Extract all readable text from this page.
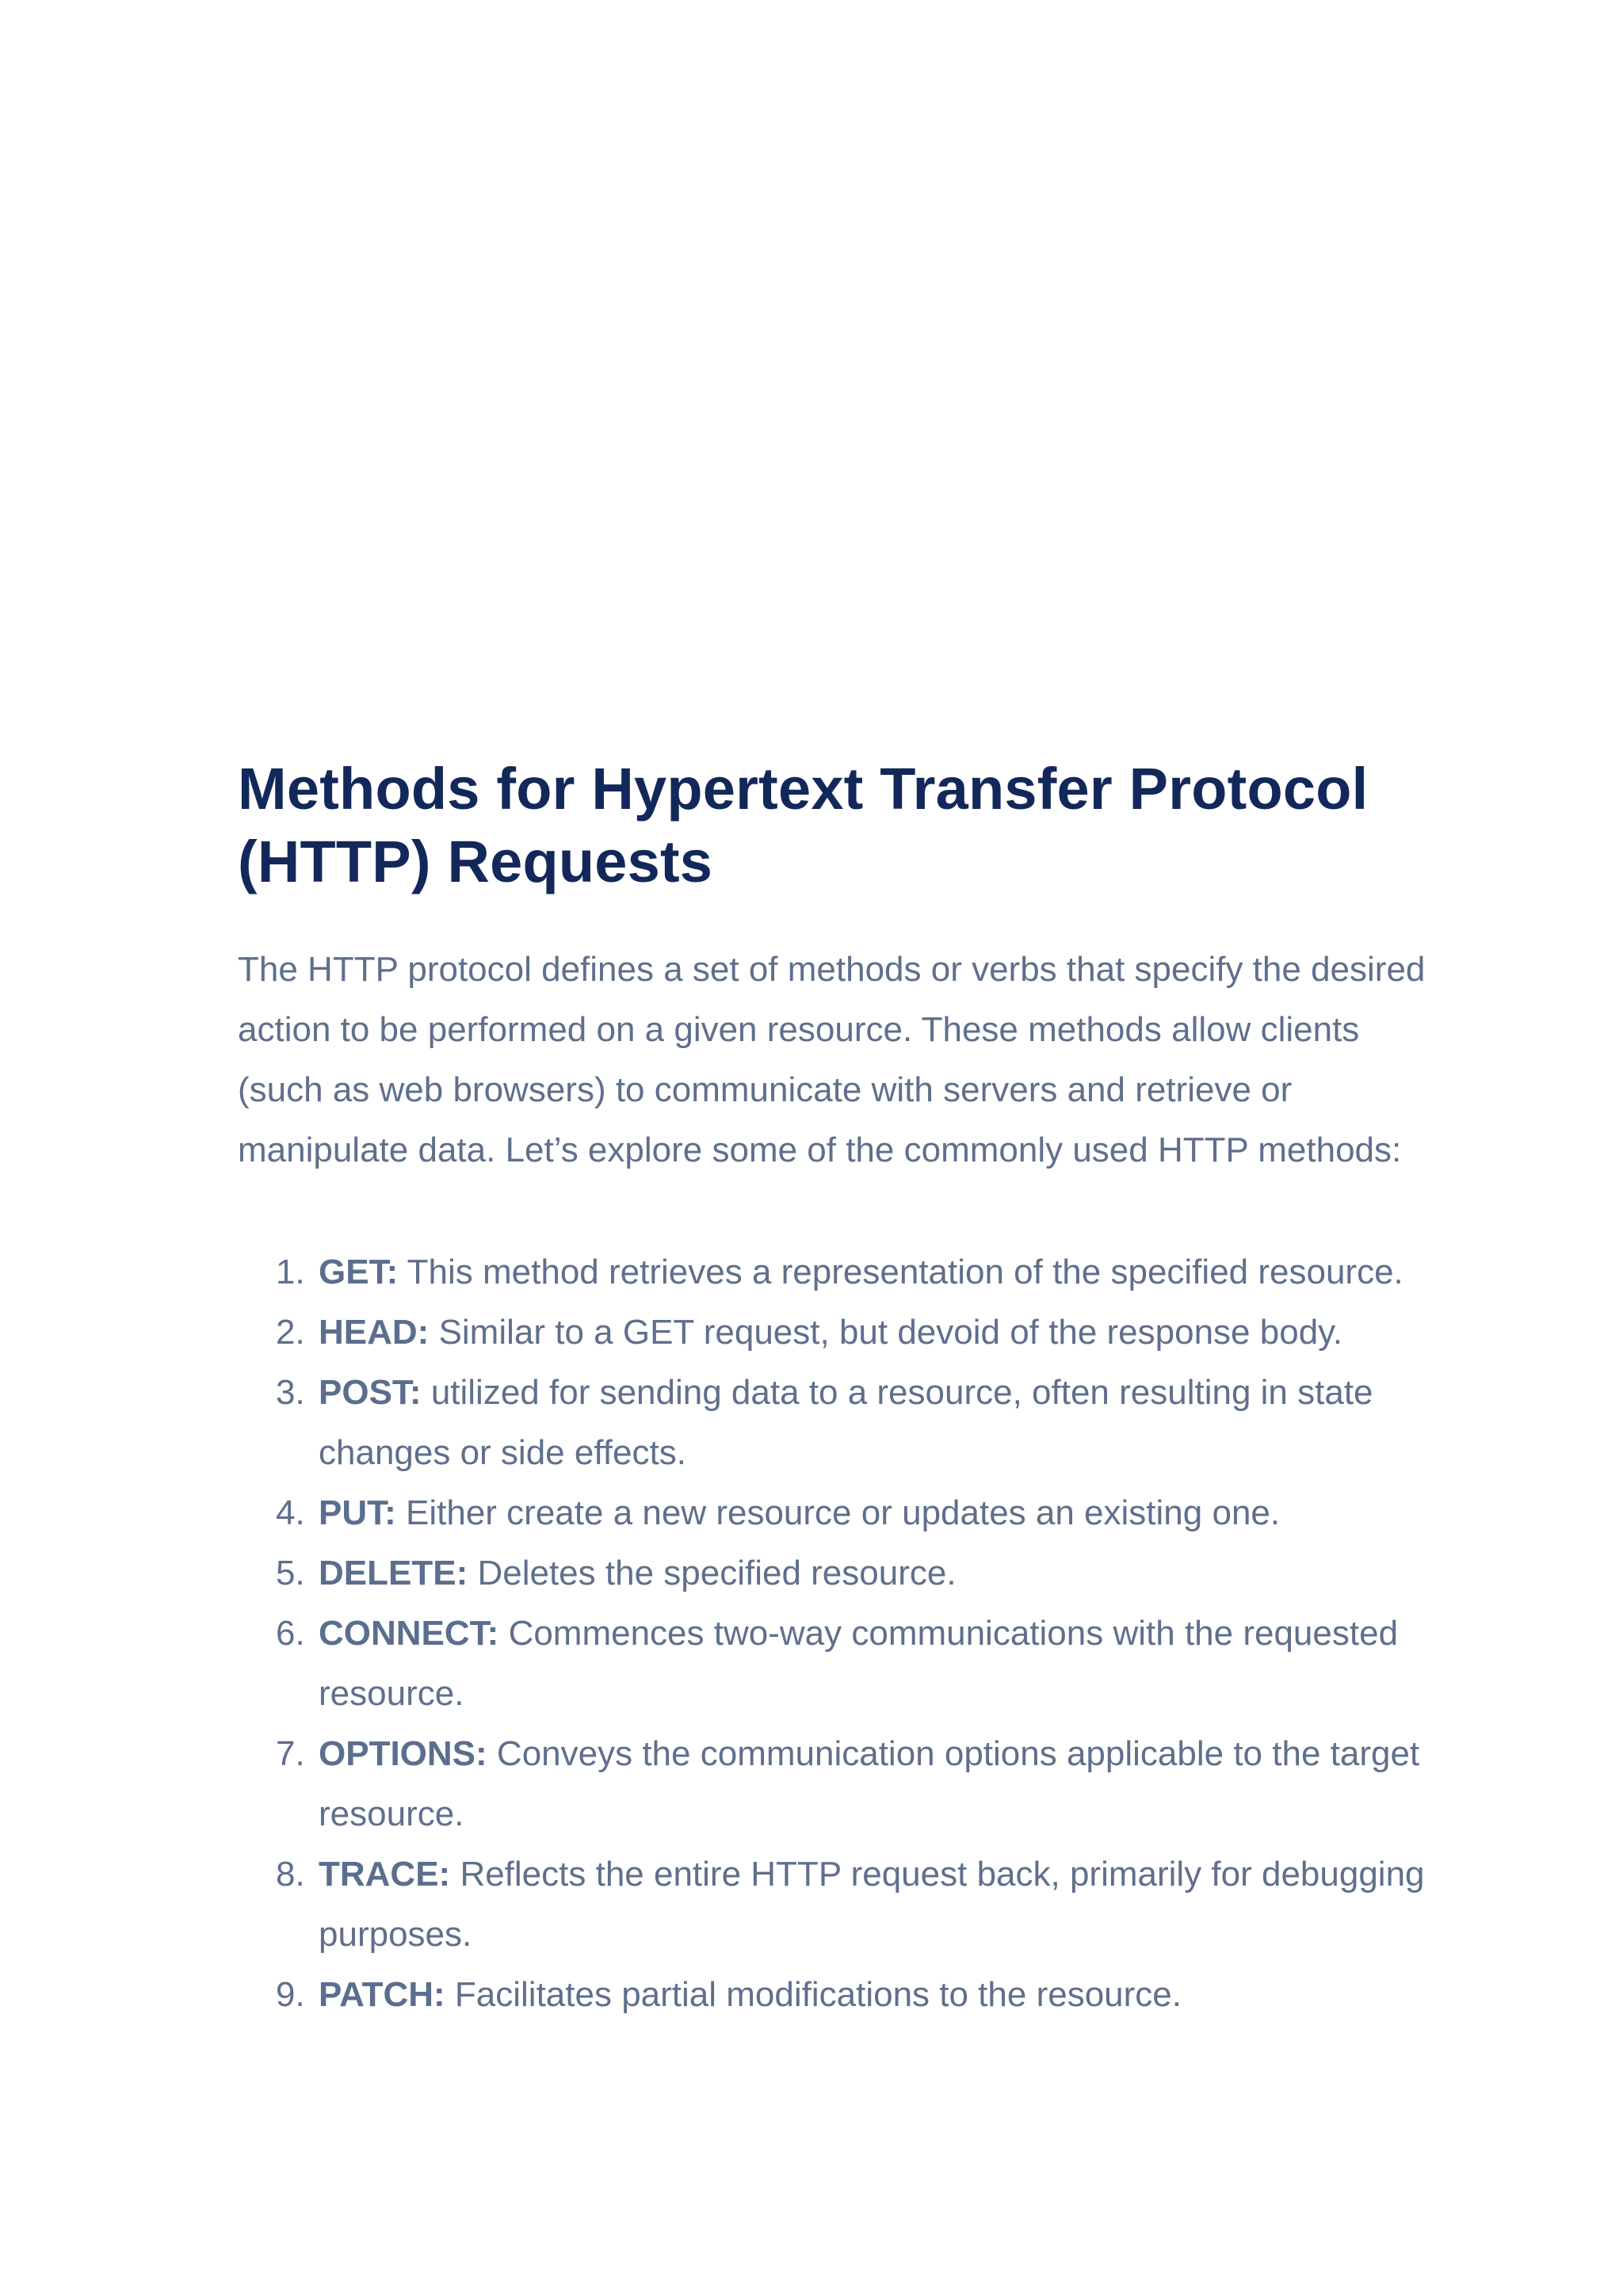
Methods for Hypertext Transfer Protocol (HTTP) Requests

The HTTP protocol defines a set of methods or verbs that specify the desired action to be performed on a given resource. These methods allow clients (such as web browsers) to communicate with servers and retrieve or manipulate data. Let’s explore some of the commonly used HTTP methods:

1. GET: This method retrieves a representation of the specified resource.
2. HEAD: Similar to a GET request, but devoid of the response body.
3. POST: utilized for sending data to a resource, often resulting in state changes or side effects.
4. PUT: Either create a new resource or updates an existing one.
5. DELETE: Deletes the specified resource.
6. CONNECT: Commences two-way communications with the requested resource.
7. OPTIONS: Conveys the communication options applicable to the target resource.
8. TRACE: Reflects the entire HTTP request back, primarily for debugging purposes.
9. PATCH: Facilitates partial modifications to the resource.
